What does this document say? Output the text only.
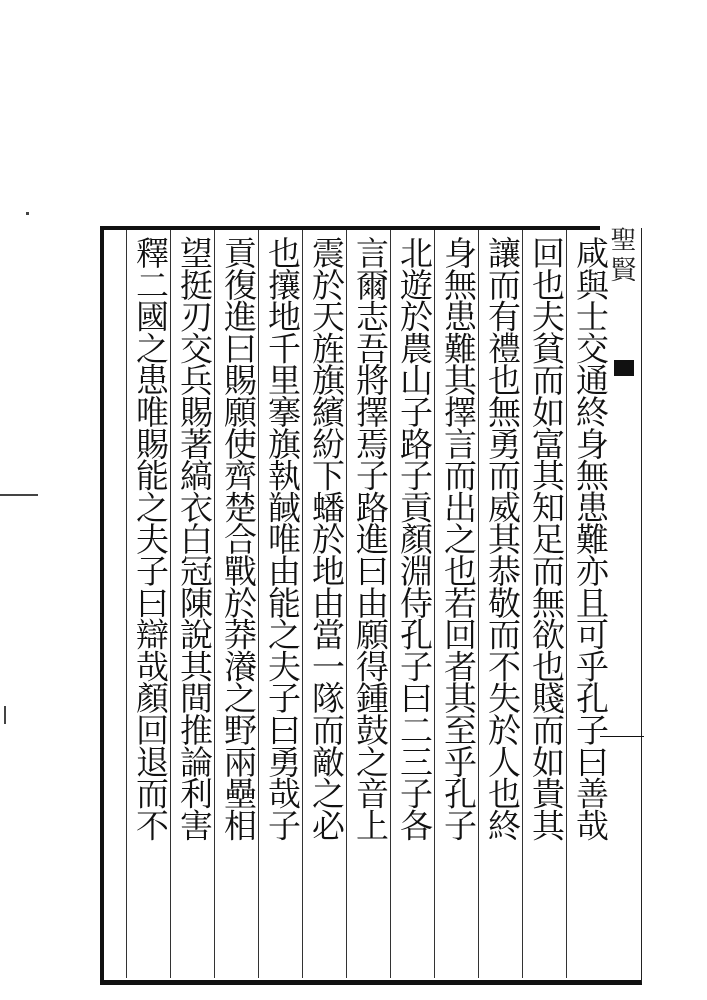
聖賢
咸與士交通終身無患難亦且可乎孔子曰善哉
回也夫貧而如富其知足而無欲也賤而如貴其
讓而有禮也無勇而威其恭敬而不失於人也終
身無患難其擇言而出之也若回者其至乎孔子
北遊於農山子路子貢顏淵侍孔子曰二三子各
言爾志吾將擇焉子路進曰由願得鍾鼓之音上
震於天旌旗繽紛下蟠於地由當一隊而敵之必
也攘地千里搴旗執馘唯由能之夫子曰勇哉子
貢復進曰賜願使齊楚合戰於莽瀁之野兩壘相
望挺刃交兵賜著縞衣白冠陳說其間推論利害
釋二國之患唯賜能之夫子曰辯哉顏回退而不
